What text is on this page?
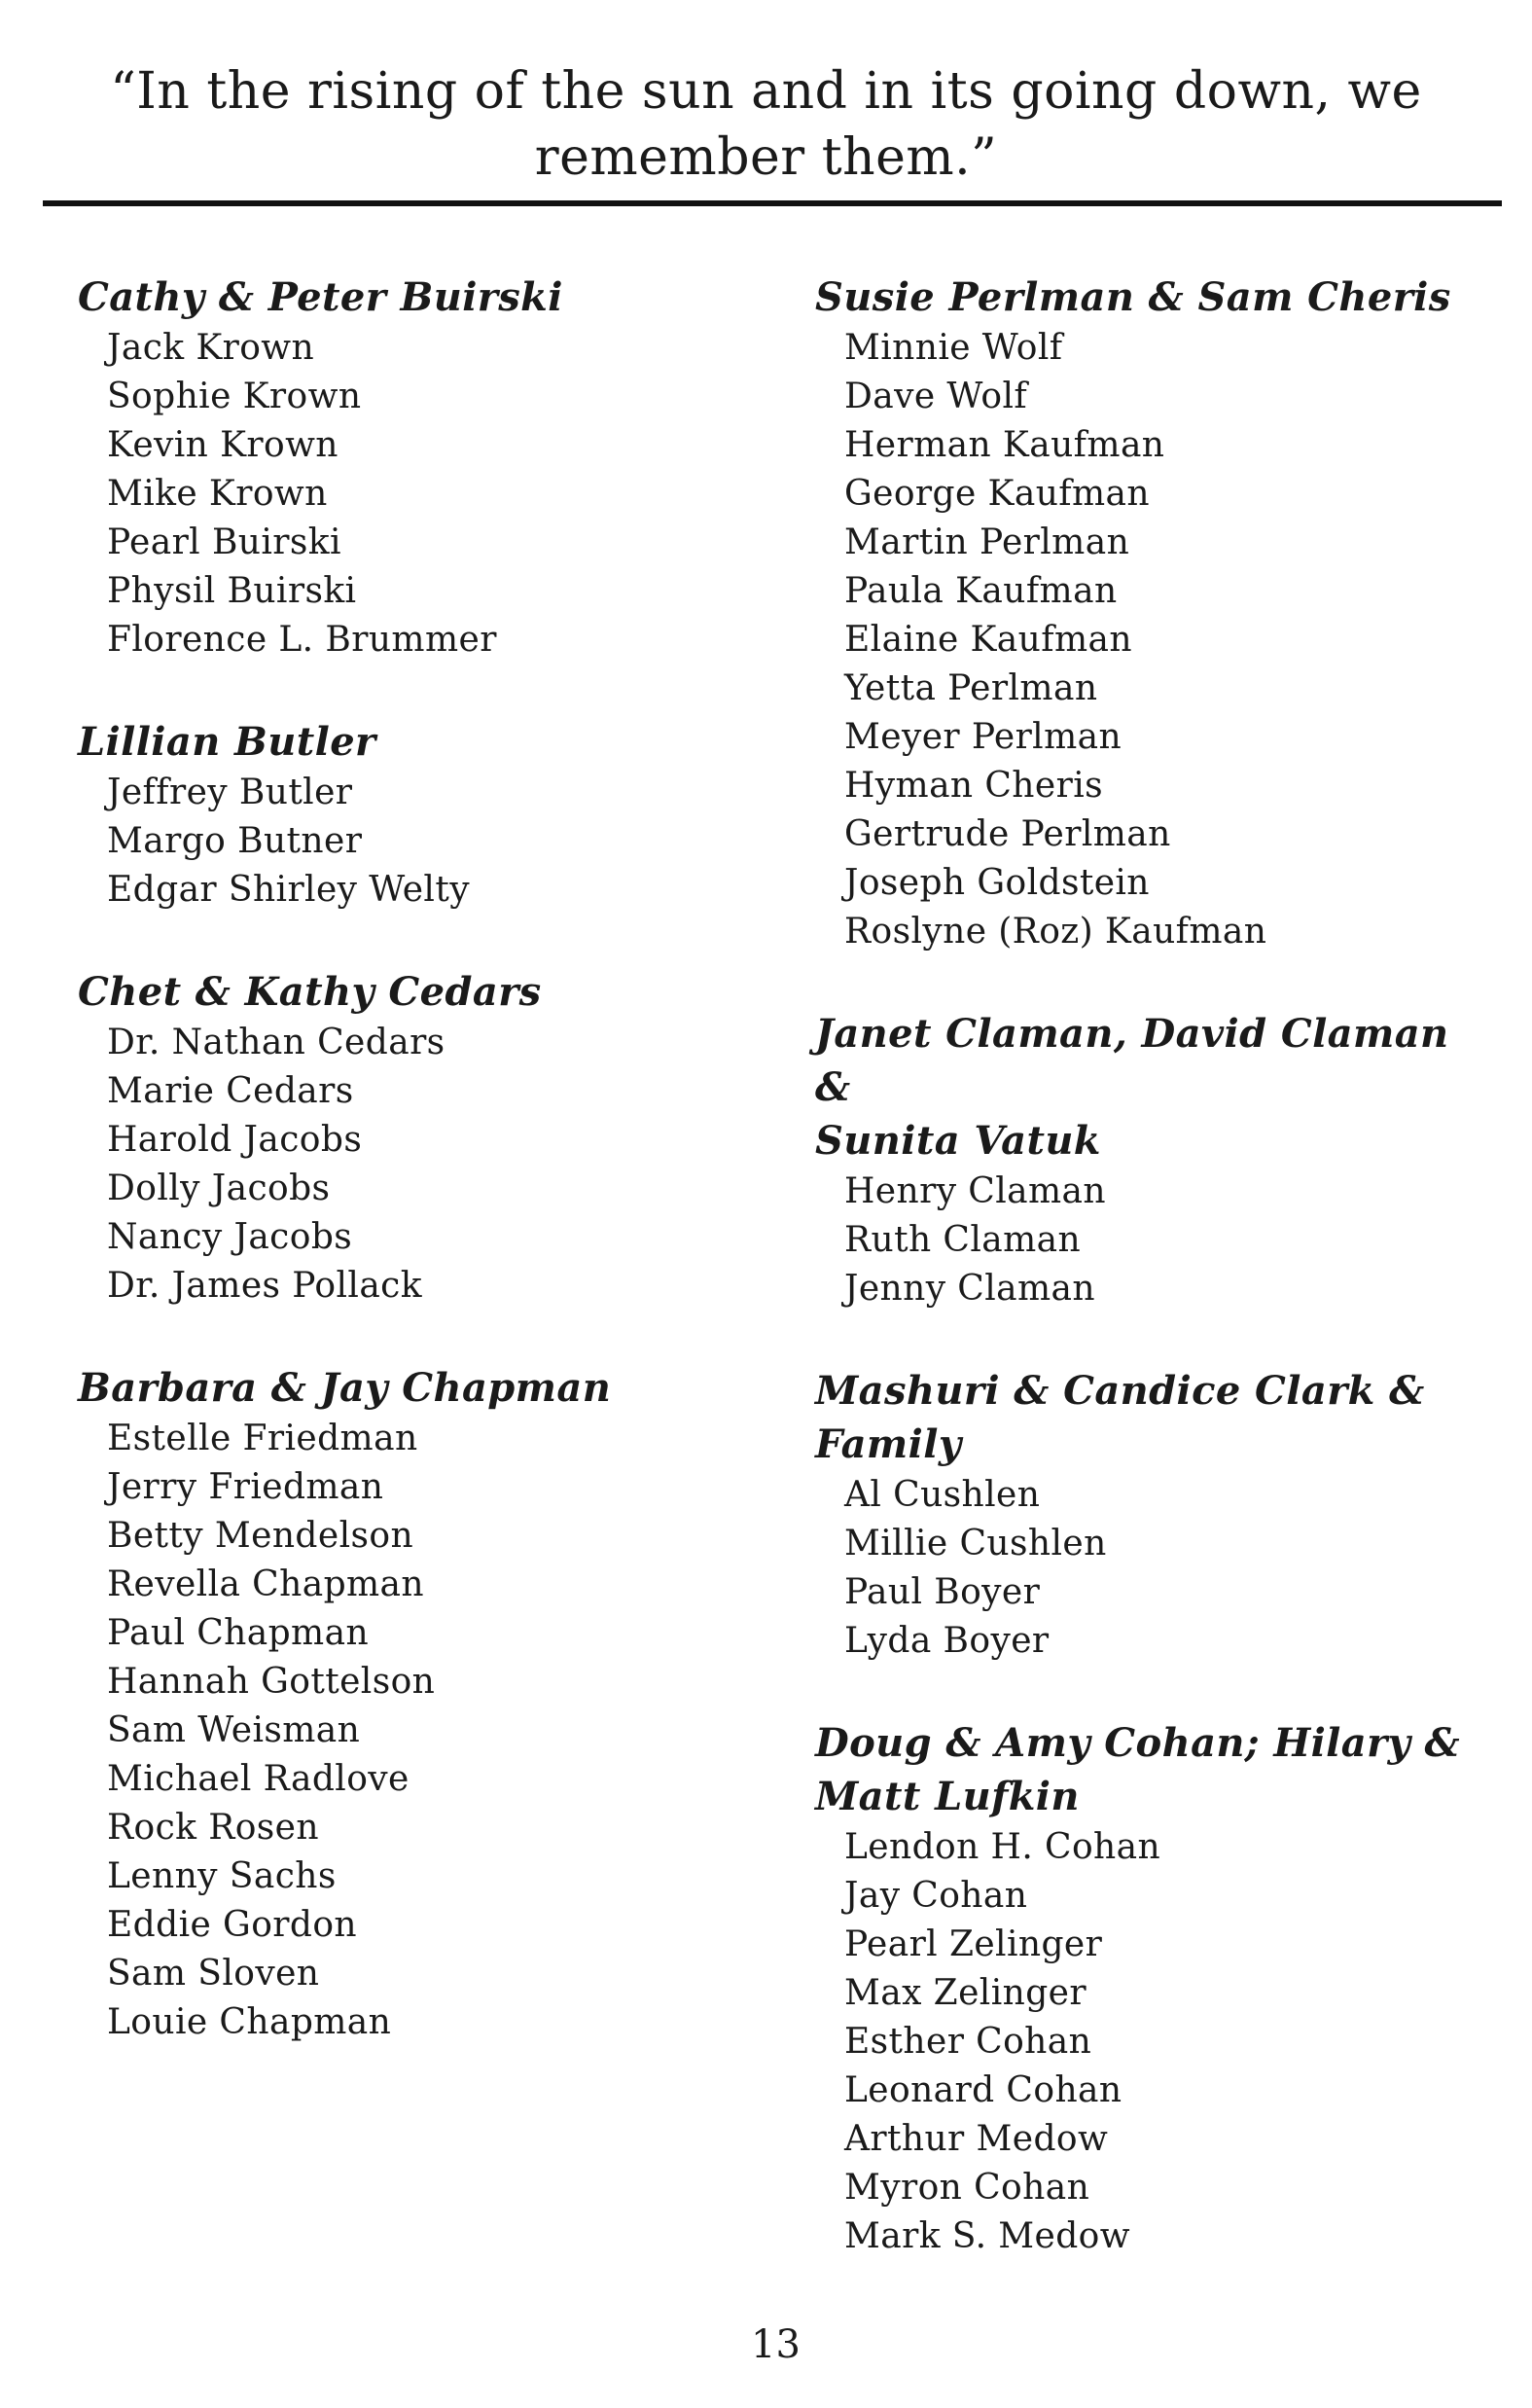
“In the rising of the sun and in its going down, we
remember them.”
Cathy & Peter Buirski
Jack Krown
Sophie Krown
Kevin Krown
Mike Krown
Pearl Buirski
Physil Buirski
Florence L. Brummer
Lillian Butler
Jeffrey Butler
Margo Butner
Edgar Shirley Welty
Chet & Kathy Cedars
Dr. Nathan Cedars
Marie Cedars
Harold Jacobs
Dolly Jacobs
Nancy Jacobs
Dr. James Pollack
Barbara & Jay Chapman
Estelle Friedman
Jerry Friedman
Betty Mendelson
Revella Chapman
Paul Chapman
Hannah Gottelson
Sam Weisman
Michael Radlove
Rock Rosen
Lenny Sachs
Eddie Gordon
Sam Sloven
Louie Chapman
Susie Perlman & Sam Cheris
Minnie Wolf
Dave Wolf
Herman Kaufman
George Kaufman
Martin Perlman
Paula Kaufman
Elaine Kaufman
Yetta Perlman
Meyer Perlman
Hyman Cheris
Gertrude Perlman
Joseph Goldstein
Roslyne (Roz) Kaufman
Janet Claman, David Claman &
Sunita Vatuk
Henry Claman
Ruth Claman
Jenny Claman
Mashuri & Candice Clark &
Family
Al Cushlen
Millie Cushlen
Paul Boyer
Lyda Boyer
Doug & Amy Cohan; Hilary &
Matt Lufkin
Lendon H. Cohan
Jay Cohan
Pearl Zelinger
Max Zelinger
Esther Cohan
Leonard Cohan
Arthur Medow
Myron Cohan
Mark S. Medow
13
